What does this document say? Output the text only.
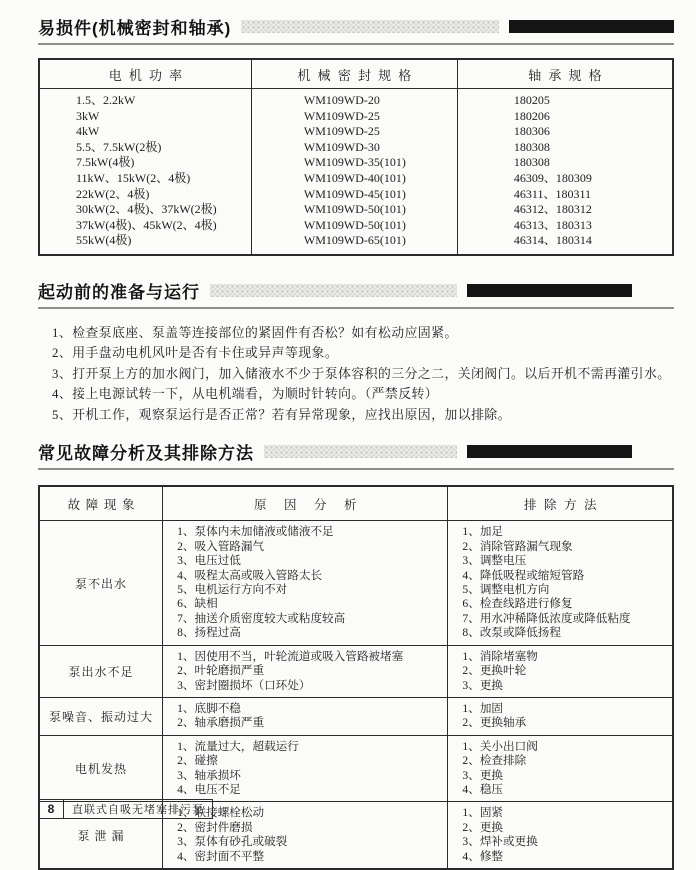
易损件(机械密封和轴承)
电机功率	机械密封规格	轴承规格
1.5、2.2kW	WM109WD-20	180205
3kW	WM109WD-25	180206
4kW	WM109WD-25	180306
5.5、7.5kW(2极)	WM109WD-30	180308
7.5kW(4极)	WM109WD-35(101)	180308
11kW、15kW(2、4极)	WM109WD-40(101)	46309、180309
22kW(2、4极)	WM109WD-45(101)	46311、180311
30kW(2、4极)、37kW(2极)	WM109WD-50(101)	46312、180312
37kW(4极)、45kW(2、4极)	WM109WD-50(101)	46313、180313
55kW(4极)	WM109WD-65(101)	46314、180314
起动前的准备与运行
1、检查泵底座、泵盖等连接部位的紧固件有否松？如有松动应固紧。
2、用手盘动电机风叶是否有卡住或异声等现象。
3、打开泵上方的加水阀门，加入储液水不少于泵体容积的三分之二，关闭阀门。以后开机不需再灌引水。
4、接上电源试转一下，从电机端看，为顺时针转向。（严禁反转）
5、开机工作，观察泵运行是否正常？若有异常现象，应找出原因，加以排除。
常见故障分析及其排除方法
故障现象	原因分析	排除方法
泵不出水	
1、泵体内未加储液或储液不足
2、吸入管路漏气
3、电压过低
4、吸程太高或吸入管路太长
5、电机运行方向不对
6、缺相
7、抽送介质密度较大或粘度较高
8、扬程过高

1、加足
2、消除管路漏气现象
3、调整电压
4、降低吸程或缩短管路
5、调整电机方向
6、检查线路进行修复
7、用水冲稀降低浓度或降低粘度
8、改泵或降低扬程

泵出水不足	
1、因使用不当，叶轮流道或吸入管路被堵塞
2、叶轮磨损严重
3、密封圈损坏（口环处）

1、消除堵塞物
2、更换叶轮
3、更换

泵噪音、振动过大	
1、底脚不稳
2、轴承磨损严重

1、加固
2、更换轴承

电机发热	
1、流量过大，超载运行
2、碰擦
3、轴承损坏
4、电压不足

1、关小出口阀
2、检查排除
3、更换
4、稳压

泵 泄 漏	
1、联接螺栓松动
2、密封件磨损
3、泵体有砂孔或破裂
4、密封面不平整

1、固紧
2、更换
3、焊补或更换
4、修整
8	直联式自吸无堵塞排污泵
